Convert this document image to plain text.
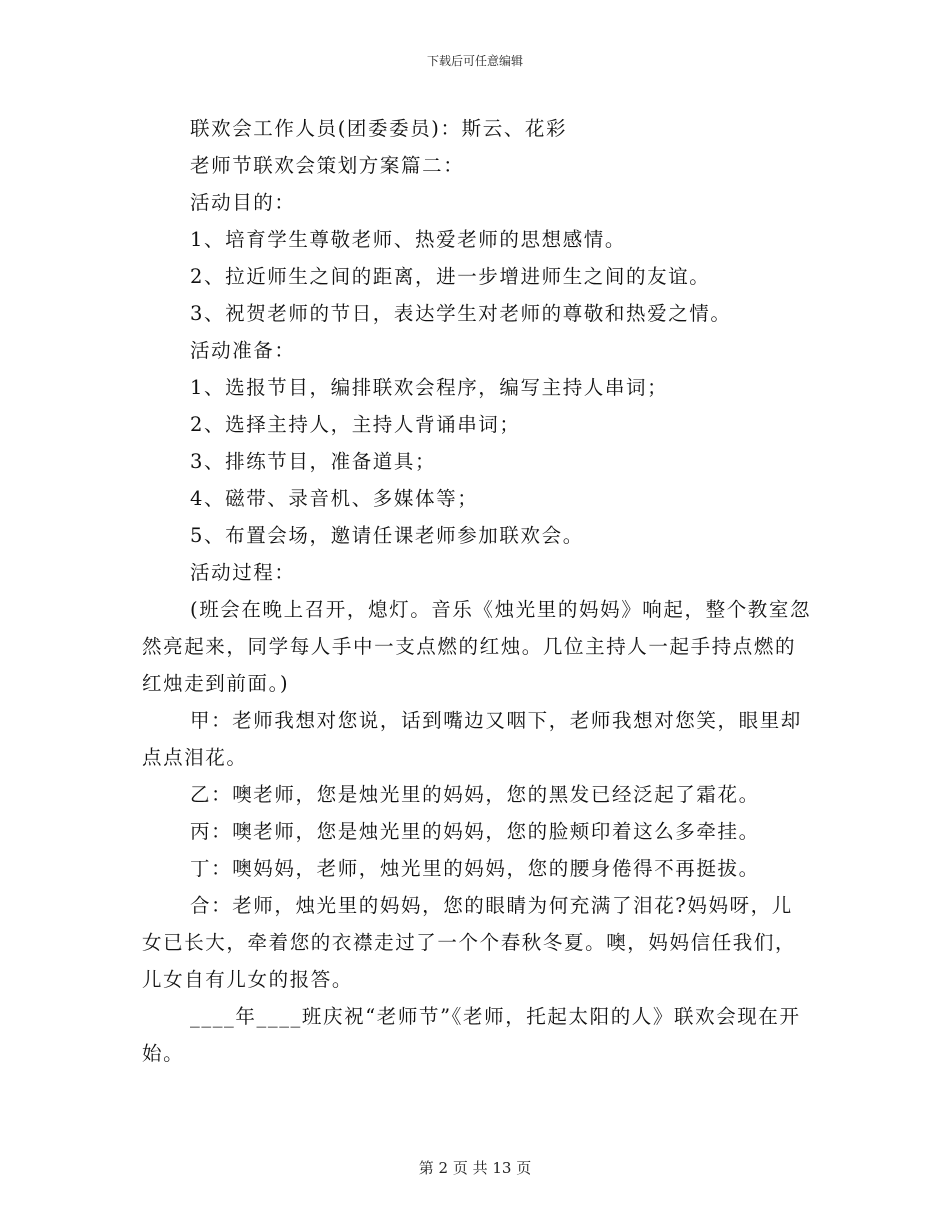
下载后可任意编辑
联欢会工作人员(团委委员)：斯云、花彩
老师节联欢会策划方案篇二：
活动目的：
1、培育学生尊敬老师、热爱老师的思想感情。
2、拉近师生之间的距离，进一步增进师生之间的友谊。
3、祝贺老师的节日，表达学生对老师的尊敬和热爱之情。
活动准备：
1、选报节目，编排联欢会程序，编写主持人串词；
2、选择主持人，主持人背诵串词；
3、排练节目，准备道具；
4、磁带、录音机、多媒体等；
5、布置会场，邀请任课老师参加联欢会。
活动过程：
(班会在晚上召开，熄灯。音乐《烛光里的妈妈》响起，整个教室忽然亮起来，同学每人手中一支点燃的红烛。几位主持人一起手持点燃的红烛走到前面。)
甲：老师我想对您说，话到嘴边又咽下，老师我想对您笑，眼里却点点泪花。
乙：噢老师，您是烛光里的妈妈，您的黑发已经泛起了霜花。
丙：噢老师，您是烛光里的妈妈，您的脸颊印着这么多牵挂。
丁：噢妈妈，老师，烛光里的妈妈，您的腰身倦得不再挺拔。
合：老师，烛光里的妈妈，您的眼睛为何充满了泪花?妈妈呀，儿女已长大，牵着您的衣襟走过了一个个春秋冬夏。噢，妈妈信任我们，儿女自有儿女的报答。
____年____班庆祝“老师节”《老师，托起太阳的人》联欢会现在开始。
第 2 页 共 13 页
